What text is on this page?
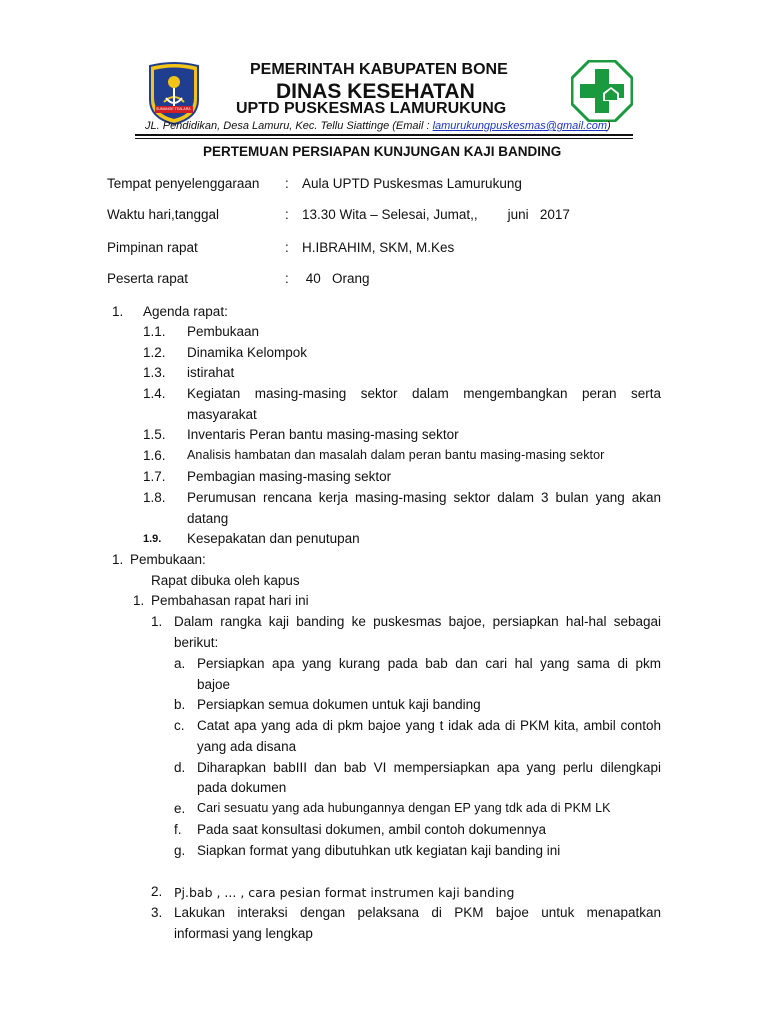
SUMANGE TEALARA
PEMERINTAH KABUPATEN BONE
DINAS KESEHATAN
UPTD PUSKESMAS LAMURUKUNG
JL. Pendidikan, Desa Lamuru, Kec. Tellu Siattinge (Email : lamurukungpuskesmas@gmail.com)
PERTEMUAN PERSIAPAN KUNJUNGAN KAJI BANDING
Tempat penyelenggaraan : Aula UPTD Puskesmas Lamurukung
Waktu hari,tanggal	: 13.30 Wita – Selesai, Jumat,,        juni   2017
Pimpinan rapat	: H.IBRAHIM, SKM, M.Kes
Peserta rapat	: 40   Orang
1. Agenda rapat:
1.1. Pembukaan
1.2. Dinamika Kelompok
1.3. istirahat
1.4. Kegiatan masing-masing sektor dalam mengembangkan peran serta
masyarakat
1.5. Inventaris Peran bantu masing-masing sektor
1.6. Analisis hambatan dan masalah dalam peran bantu masing-masing sektor
1.7. Pembagian masing-masing sektor
1.8. Perumusan rencana kerja masing-masing sektor dalam 3 bulan yang akan
datang
1.9. Kesepakatan dan penutupan
1. Pembukaan:
Rapat dibuka oleh kapus
1. Pembahasan rapat hari ini
1. Dalam rangka kaji banding ke puskesmas bajoe, persiapkan hal-hal sebagai
berikut:
a. Persiapkan apa yang kurang pada bab dan cari hal yang sama di pkm
bajoe
b. Persiapkan semua dokumen untuk kaji banding
c. Catat apa yang ada di pkm bajoe yang t idak ada di PKM kita, ambil contoh
yang ada disana
d. Diharapkan babIII dan bab VI mempersiapkan apa yang perlu dilengkapi
pada dokumen
e. Cari sesuatu yang ada hubungannya dengan EP yang tdk ada di PKM LK
f. Pada saat konsultasi dokumen, ambil contoh dokumennya
g. Siapkan format yang dibutuhkan utk kegiatan kaji banding ini
2. Pj.bab , ... , cara pesian format instrumen kaji banding
3. Lakukan interaksi dengan pelaksana di PKM bajoe untuk menapatkan
informasi yang lengkap
